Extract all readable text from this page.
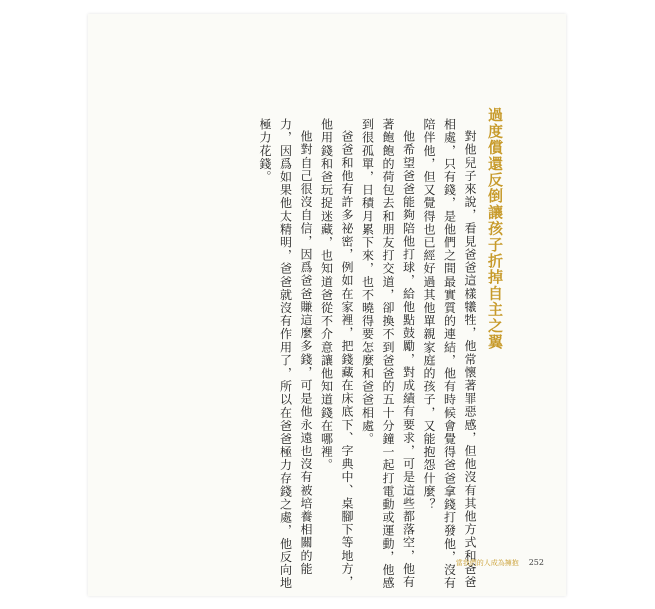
過度償還反倒讓孩子折掉自主之翼

對他兒子來說，看見爸爸這樣犧牲，他常懷著罪惡感，但他沒有其他方式和爸爸相處，只有錢，是他們之間最實質的連結，他有時候會覺得爸爸拿錢打發他，沒有陪伴他，但又覺得也已經好過其他單親家庭的孩子，又能抱怨什麼？

他希望爸爸能夠陪他打球，給他點鼓勵，對成績有要求，可是這些都落空，他有著飽飽的荷包去和朋友打交道，卻換不到爸爸的五十分鐘一起打電動或運動，他感到很孤單，日積月累下來，也不曉得要怎麼和爸爸相處。

爸爸和他有許多祕密，例如在家裡，把錢藏在床底下、字典中、桌腳下等地方，他用錢和爸玩捉迷藏，也知道爸從不介意讓他知道錢在哪裡。

他對自己很沒自信，因爲爸爸賺這麼多錢，可是他永遠也沒有被培養相關的能力，因爲如果他太精明，爸爸就沒有作用了，所以在爸爸極力存錢之處，他反向地極力花錢。

當我們的人成為擁抱 252
